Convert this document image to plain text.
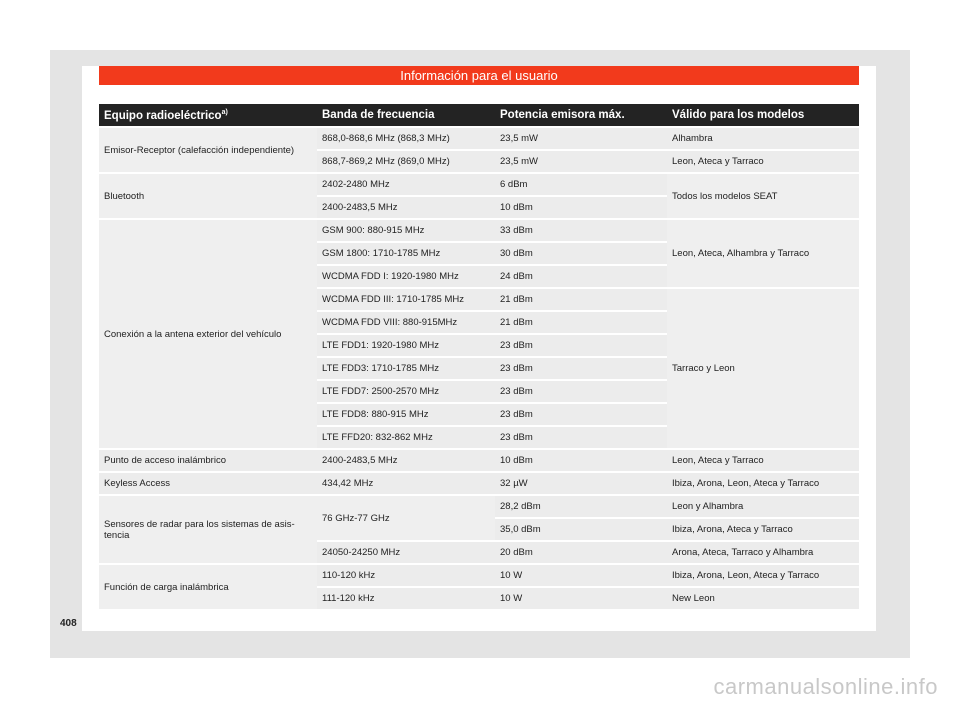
Información para el usuario
Equipo radioeléctrico$^{a)}$	Banda de frecuencia	Potencia emisora máx.	Válido para los modelos
Emisor-Receptor (calefacción independiente)	868,0-868,6 MHz (868,3 MHz)	23,5 mW	Alhambra
	868,7-869,2 MHz (869,0 MHz)	23,5 mW	Leon, Ateca y Tarraco
Bluetooth	2402-2480 MHz	6 dBm	Todos los modelos SEAT
	2400-2483,5 MHz	10 dBm	
Conexión a la antena exterior del vehículo	GSM 900: 880-915 MHz	33 dBm	Leon, Ateca, Alhambra y Tarraco
	GSM 1800: 1710-1785 MHz	30 dBm	
	WCDMA FDD I: 1920-1980 MHz	24 dBm	
	WCDMA FDD III: 1710-1785 MHz	21 dBm	Tarraco y Leon
	WCDMA FDD VIII: 880-915MHz	21 dBm	
	LTE FDD1: 1920-1980 MHz	23 dBm	
	LTE FDD3: 1710-1785 MHz	23 dBm	
	LTE FDD7: 2500-2570 MHz	23 dBm	
	LTE FDD8: 880-915 MHz	23 dBm	
	LTE FFD20: 832-862 MHz	23 dBm	
Punto de acceso inalámbrico	2400-2483,5 MHz	10 dBm	Leon, Ateca y Tarraco
Keyless Access	434,42 MHz	32 µW	Ibiza, Arona, Leon, Ateca y Tarraco
Sensores de radar para los sistemas de asis-tencia	76 GHz-77 GHz	28,2 dBm	Leon y Alhambra
		35,0 dBm	Ibiza, Arona, Ateca y Tarraco
	24050-24250 MHz	20 dBm	Arona, Ateca, Tarraco y Alhambra
Función de carga inalámbrica	110-120 kHz	10 W	Ibiza, Arona, Leon, Ateca y Tarraco
	111-120 kHz	10 W	New Leon
408
carmanualsonline.info
